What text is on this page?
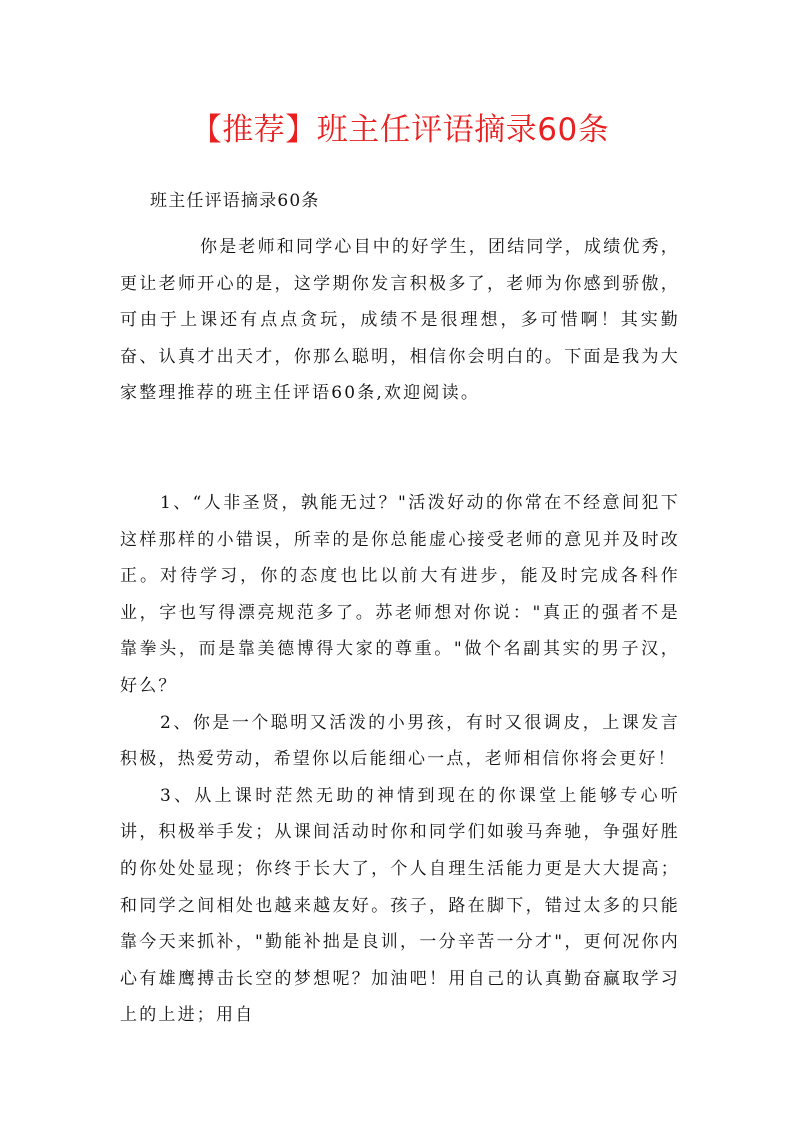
【推荐】班主任评语摘录60条
班主任评语摘录60条

你是老师和同学心目中的好学生，团结同学，成绩优秀，更让老师开心的是，这学期你发言积极多了，老师为你感到骄傲，可由于上课还有点点贪玩，成绩不是很理想，多可惜啊！其实勤奋、认真才出天才，你那么聪明，相信你会明白的。下面是我为大家整理推荐的班主任评语60条,欢迎阅读。

1、“人非圣贤，孰能无过？"活泼好动的你常在不经意间犯下这样那样的小错误，所幸的是你总能虚心接受老师的意见并及时改正。对待学习，你的态度也比以前大有进步，能及时完成各科作业，字也写得漂亮规范多了。苏老师想对你说："真正的强者不是靠拳头，而是靠美德博得大家的尊重。"做个名副其实的男子汉，好么？

2、你是一个聪明又活泼的小男孩，有时又很调皮，上课发言积极，热爱劳动，希望你以后能细心一点，老师相信你将会更好！

3、从上课时茫然无助的神情到现在的你课堂上能够专心听讲，积极举手发；从课间活动时你和同学们如骏马奔驰，争强好胜的你处处显现；你终于长大了，个人自理生活能力更是大大提高；和同学之间相处也越来越友好。孩子，路在脚下，错过太多的只能靠今天来抓补，"勤能补拙是良训，一分辛苦一分才"，更何况你内心有雄鹰搏击长空的梦想呢？加油吧！用自己的认真勤奋赢取学习上的上进；用自
